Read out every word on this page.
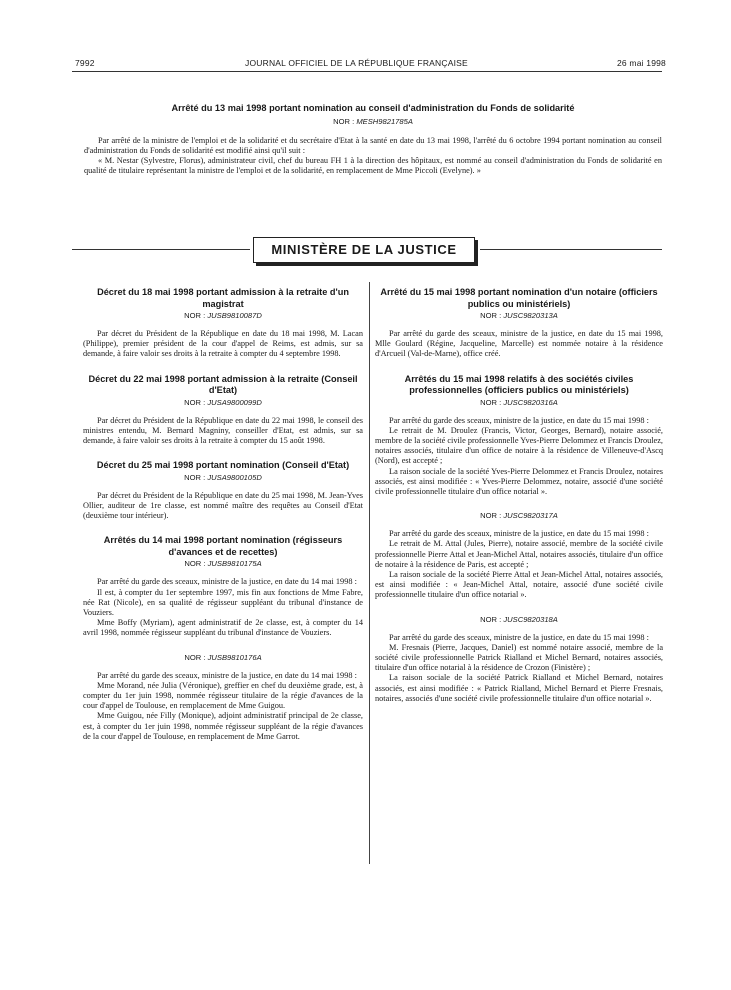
7992	JOURNAL OFFICIEL DE LA RÉPUBLIQUE FRANÇAISE	26 mai 1998
Arrêté du 13 mai 1998 portant nomination au conseil d'administration du Fonds de solidarité
NOR : MESH9821785A

Par arrêté de la ministre de l'emploi et de la solidarité et du secrétaire d'Etat à la santé en date du 13 mai 1998, l'arrêté du 6 octobre 1994 portant nomination au conseil d'administration du Fonds de solidarité est modifié ainsi qu'il suit :

« M. Nestar (Sylvestre, Florus), administrateur civil, chef du bureau FH 1 à la direction des hôpitaux, est nommé au conseil d'administration du Fonds de solidarité en qualité de titulaire représentant la ministre de l'emploi et de la solidarité, en remplacement de Mme Piccoli (Evelyne). »

MINISTÈRE DE LA JUSTICE
Décret du 18 mai 1998 portant admission à la retraite d'un magistrat
NOR : JUSB9810087D

Par décret du Président de la République en date du 18 mai 1998, M. Lacan (Philippe), premier président de la cour d'appel de Reims, est admis, sur sa demande, à faire valoir ses droits à la retraite à compter du 4 septembre 1998.

Décret du 22 mai 1998 portant admission à la retraite (Conseil d'Etat)
NOR : JUSA9800099D

Par décret du Président de la République en date du 22 mai 1998, le conseil des ministres entendu, M. Bernard Magniny, conseiller d'Etat, est admis, sur sa demande, à faire valoir ses droits à la retraite à compter du 15 août 1998.

Décret du 25 mai 1998 portant nomination (Conseil d'Etat)
NOR : JUSA9800105D

Par décret du Président de la République en date du 25 mai 1998, M. Jean-Yves Ollier, auditeur de 1re classe, est nommé maître des requêtes au Conseil d'Etat (deuxième tour intérieur).

Arrêtés du 14 mai 1998 portant nomination (régisseurs d'avances et de recettes)
NOR : JUSB9810175A

Par arrêté du garde des sceaux, ministre de la justice, en date du 14 mai 1998 :

Il est, à compter du 1er septembre 1997, mis fin aux fonctions de Mme Fabre, née Rat (Nicole), en sa qualité de régisseur suppléant du tribunal d'instance de Vouziers.

Mme Boffy (Myriam), agent administratif de 2e classe, est, à compter du 14 avril 1998, nommée régisseur suppléant du tribunal d'instance de Vouziers.

NOR : JUSB9810176A

Par arrêté du garde des sceaux, ministre de la justice, en date du 14 mai 1998 :

Mme Morand, née Julia (Véronique), greffier en chef du deuxième grade, est, à compter du 1er juin 1998, nommée régisseur titulaire de la régie d'avances de la cour d'appel de Toulouse, en remplacement de Mme Guigou.

Mme Guigou, née Filly (Monique), adjoint administratif principal de 2e classe, est, à compter du 1er juin 1998, nommée régisseur suppléant de la régie d'avances de la cour d'appel de Toulouse, en remplacement de Mme Garrot.

Arrêté du 15 mai 1998 portant nomination d'un notaire (officiers publics ou ministériels)
NOR : JUSC9820313A

Par arrêté du garde des sceaux, ministre de la justice, en date du 15 mai 1998, Mlle Goulard (Régine, Jacqueline, Marcelle) est nommée notaire à la résidence d'Arcueil (Val-de-Marne), office créé.

Arrêtés du 15 mai 1998 relatifs à des sociétés civiles professionnelles (officiers publics ou ministériels)
NOR : JUSC9820316A

Par arrêté du garde des sceaux, ministre de la justice, en date du 15 mai 1998 :

Le retrait de M. Droulez (Francis, Victor, Georges, Bernard), notaire associé, membre de la société civile professionnelle Yves-Pierre Delommez et Francis Droulez, notaires associés, titulaire d'un office de notaire à la résidence de Villeneuve-d'Ascq (Nord), est accepté ;

La raison sociale de la société Yves-Pierre Delommez et Francis Droulez, notaires associés, est ainsi modifiée : « Yves-Pierre Delommez, notaire, associé d'une société civile professionnelle titulaire d'un office notarial ».

NOR : JUSC9820317A

Par arrêté du garde des sceaux, ministre de la justice, en date du 15 mai 1998 :

Le retrait de M. Attal (Jules, Pierre), notaire associé, membre de la société civile professionnelle Pierre Attal et Jean-Michel Attal, notaires associés, titulaire d'un office de notaire à la résidence de Paris, est accepté ;

La raison sociale de la société Pierre Attal et Jean-Michel Attal, notaires associés, est ainsi modifiée : « Jean-Michel Attal, notaire, associé d'une société civile professionnelle titulaire d'un office notarial ».

NOR : JUSC9820318A

Par arrêté du garde des sceaux, ministre de la justice, en date du 15 mai 1998 :

M. Fresnais (Pierre, Jacques, Daniel) est nommé notaire associé, membre de la société civile professionnelle Patrick Rialland et Michel Bernard, notaires associés, titulaire d'un office notarial à la résidence de Crozon (Finistère) ;

La raison sociale de la société Patrick Rialland et Michel Bernard, notaires associés, est ainsi modifiée : « Patrick Rialland, Michel Bernard et Pierre Fresnais, notaires, associés d'une société civile professionnelle titulaire d'un office notarial ».
